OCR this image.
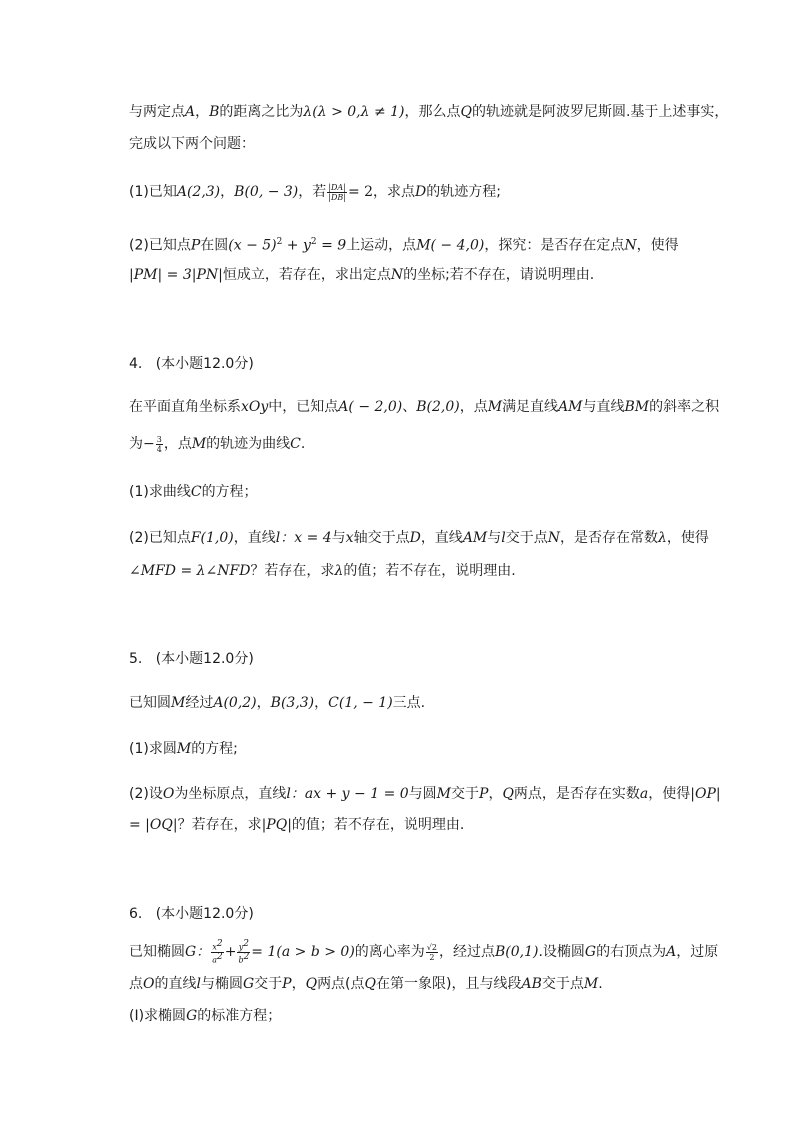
与两定点A，B的距离之比为λ(λ > 0,λ ≠ 1)，那么点Q的轨迹就是阿波罗尼斯圆.基于上述事实，
完成以下两个问题：
(1)已知A(2,3)，B(0, − 3)，若 $\frac{|DA|}{|DB|} = 2$，求点D的轨迹方程;
(2)已知点P在圆$(x - 5)^2 + y^2 = 9$上运动，点M( − 4,0)，探究：是否存在定点N，使得
|PM| = 3|PN|恒成立，若存在，求出定点N的坐标;若不存在，请说明理由.
4.   (本小题12.0分)
在平面直角坐标系xOy中，已知点A( − 2,0)、B(2,0)，点M满足直线AM与直线BM的斜率之积
为− $\frac{3}{4}$ ，点M的轨迹为曲线C.
(1)求曲线C的方程；
(2)已知点F(1,0)，直线l：x = 4与x轴交于点D，直线AM与l交于点N，是否存在常数λ，使得
∠MFD = λ∠NFD？若存在，求λ的值；若不存在，说明理由.
5.   (本小题12.0分)
已知圆M经过A(0,2)，B(3,3)，C(1, − 1)三点.
(1)求圆M的方程;
(2)设O为坐标原点，直线l：ax + y − 1 = 0与圆M交于P，Q两点，是否存在实数a，使得|OP|
= |OQ|？若存在，求|PQ|的值；若不存在，说明理由.
6.   (本小题12.0分)
已知椭圆G： $\frac{x^2}{a^2} + \frac{y^2}{b^2} = 1(a > b > 0)$的离心率为 $\frac{√2}{2}$ ，经过点B(0,1).设椭圆G的右顶点为A，过原
点O的直线l与椭圆G交于P，Q两点(点Q在第一象限)，且与线段AB交于点M.
(Ⅰ)求椭圆G的标准方程；
